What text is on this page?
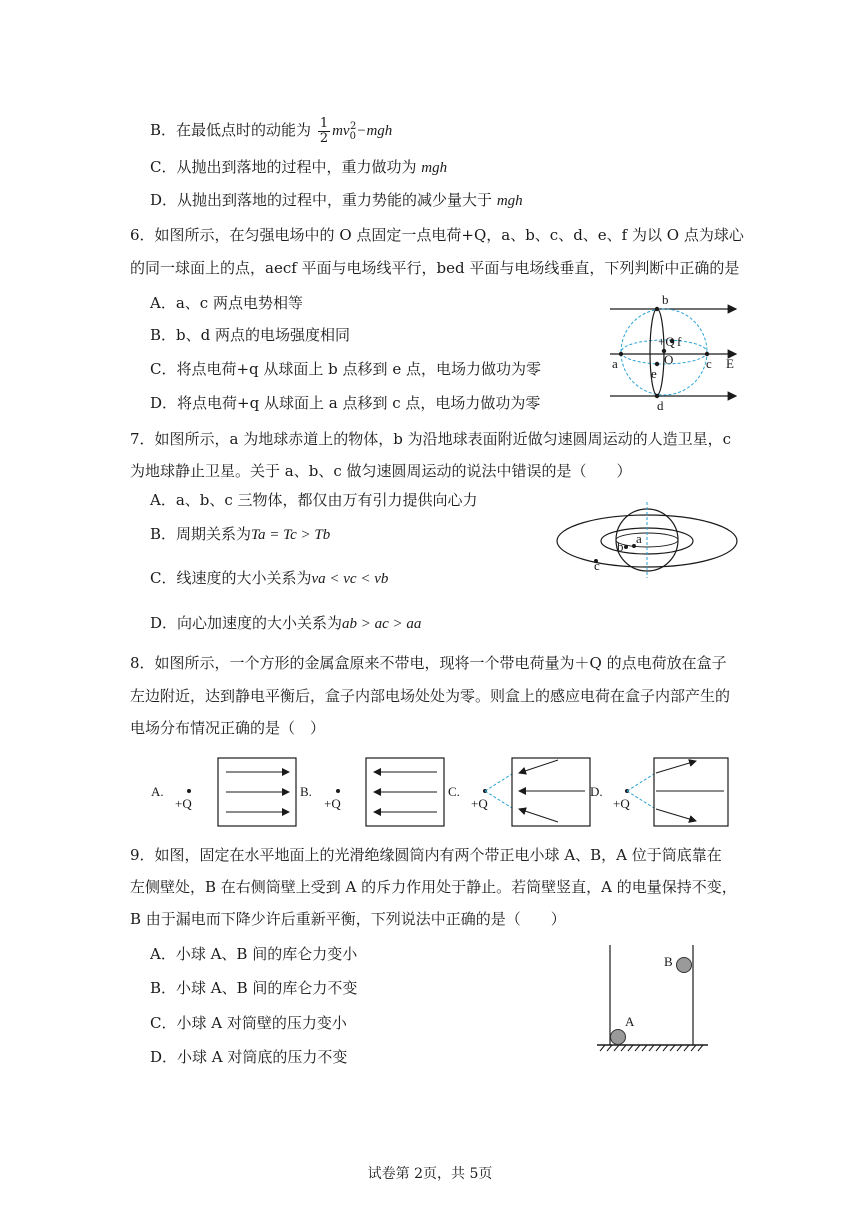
B．在最低点时的动能为 $\frac{1}{2} mv_0^2-mgh$
C．从抛出到落地的过程中，重力做功为 mgh
D．从抛出到落地的过程中，重力势能的减少量大于 mgh
6．如图所示，在匀强电场中的 O 点固定一点电荷+Q，a、b、c、d、e、f 为以 O 点为球心
的同一球面上的点，aecf 平面与电场线平行，bed 平面与电场线垂直，下列判断中正确的是
A．a、c 两点电势相等
B．b、d 两点的电场强度相同
C．将点电荷+q 从球面上 b 点移到 e 点，电场力做功为零
D．将点电荷+q 从球面上 a 点移到 c 点，电场力做功为零
b
+Q f
O
a
e
c E
d
7．如图所示，a 为地球赤道上的物体，b 为沿地球表面附近做匀速圆周运动的人造卫星，c
为地球静止卫星。关于 a、b、c 做匀速圆周运动的说法中错误的是（　　）
A．a、b、c 三物体，都仅由万有引力提供向心力
B．周期关系为Ta = Tc > Tb
C．线速度的大小关系为va < vc < vb
D．向心加速度的大小关系为ab > ac > aa
a
b
c
8．如图所示，一个方形的金属盒原来不带电，现将一个带电荷量为＋Q 的点电荷放在盒子
左边附近，达到静电平衡后，盒子内部电场处处为零。则盒上的感应电荷在盒子内部产生的
电场分布情况正确的是（　）
A.
+Q
B.
+Q
C.
+Q
D.
+Q
9．如图，固定在水平地面上的光滑绝缘圆筒内有两个带正电小球 A、B，A 位于筒底靠在
左侧壁处，B 在右侧筒壁上受到 A 的斥力作用处于静止。若筒壁竖直，A 的电量保持不变，
B 由于漏电而下降少许后重新平衡，下列说法中正确的是（　　）
A．小球 A、B 间的库仑力变小
B．小球 A、B 间的库仑力不变
C．小球 A 对筒壁的压力变小
D．小球 A 对筒底的压力不变
A
B
试卷第 2页，共 5页
